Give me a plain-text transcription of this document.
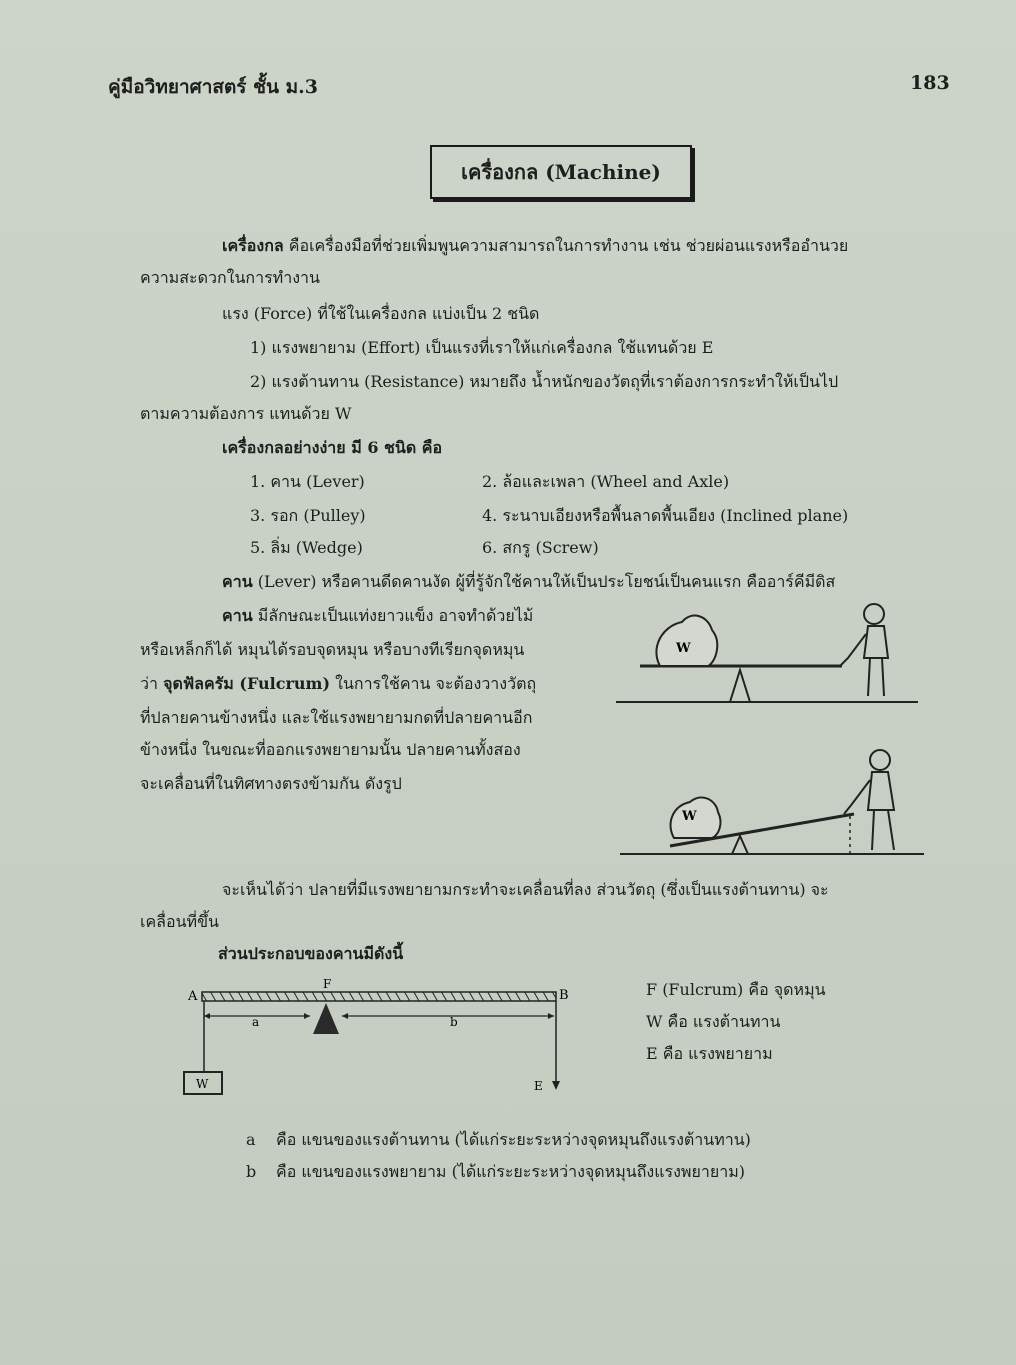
คู่มือวิทยาศาสตร์ ชั้น ม.3	183
เครื่องกล (Machine)
เครื่องกล คือเครื่องมือที่ช่วยเพิ่มพูนความสามารถในการทำงาน เช่น ช่วยผ่อนแรงหรืออำนวย
ความสะดวกในการทำงาน
แรง (Force) ที่ใช้ในเครื่องกล แบ่งเป็น 2 ชนิด
1) แรงพยายาม (Effort) เป็นแรงที่เราให้แก่เครื่องกล ใช้แทนด้วย E
2) แรงต้านทาน (Resistance) หมายถึง น้ำหนักของวัตถุที่เราต้องการกระทำให้เป็นไป
ตามความต้องการ แทนด้วย W
เครื่องกลอย่างง่าย มี 6 ชนิด คือ
1. คาน (Lever)	2. ล้อและเพลา (Wheel and Axle)
3. รอก (Pulley)	4. ระนาบเอียงหรือพื้นลาดพื้นเอียง (Inclined plane)
5. ลิ่ม (Wedge)	6. สกรู (Screw)
คาน (Lever) หรือคานดีดคานงัด ผู้ที่รู้จักใช้คานให้เป็นประโยชน์เป็นคนแรก คืออาร์คีมีดิส
คาน มีลักษณะเป็นแท่งยาวแข็ง อาจทำด้วยไม้
หรือเหล็กก็ได้ หมุนได้รอบจุดหมุน หรือบางทีเรียกจุดหมุน
ว่า จุดฟัลครัม (Fulcrum) ในการใช้คาน จะต้องวางวัตถุ
ที่ปลายคานข้างหนึ่ง และใช้แรงพยายามกดที่ปลายคานอีก
ข้างหนึ่ง ในขณะที่ออกแรงพยายามนั้น ปลายคานทั้งสอง
จะเคลื่อนที่ในทิศทางตรงข้ามกัน ดังรูป
W
W
จะเห็นได้ว่า ปลายที่มีแรงพยายามกระทำจะเคลื่อนที่ลง ส่วนวัตถุ (ซึ่งเป็นแรงต้านทาน) จะ
เคลื่อนที่ขึ้น
ส่วนประกอบของคานมีดังนี้
A	B
F
a	b
W	E
F (Fulcrum) คือ จุดหมุน
W คือ แรงต้านทาน
E คือ แรงพยายาม
a คือ แขนของแรงต้านทาน (ได้แก่ระยะระหว่างจุดหมุนถึงแรงต้านทาน)
b คือ แขนของแรงพยายาม (ได้แก่ระยะระหว่างจุดหมุนถึงแรงพยายาม)
